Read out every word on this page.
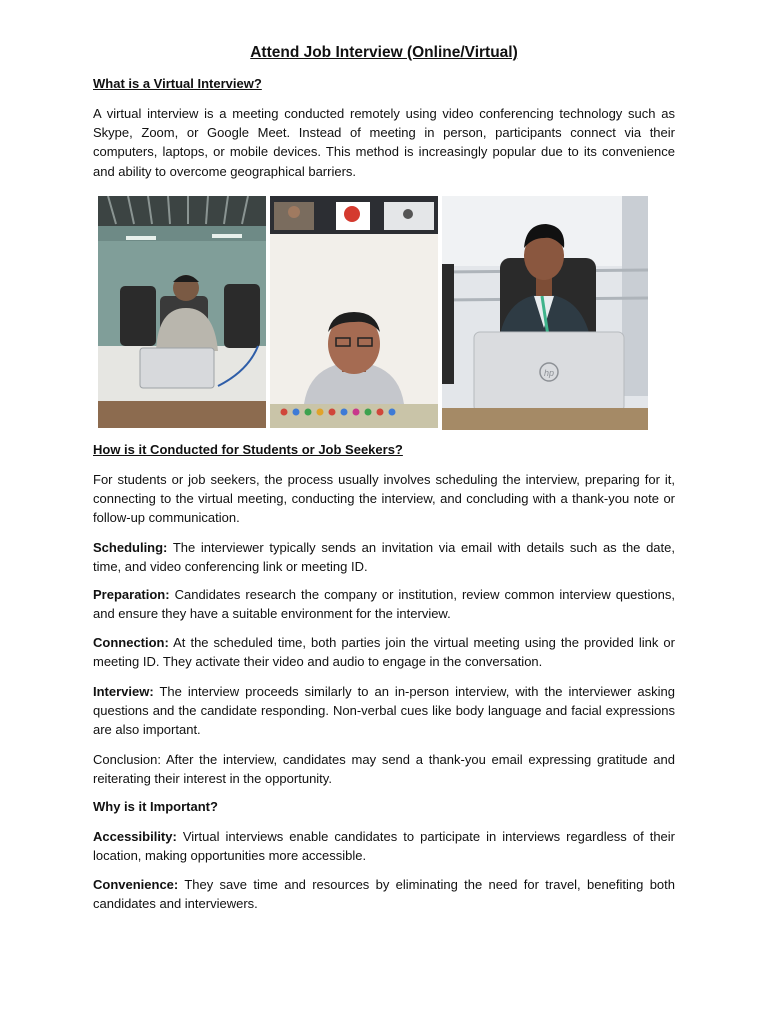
Attend Job Interview (Online/Virtual)
What is a Virtual Interview?

A virtual interview is a meeting conducted remotely using video conferencing technology such as Skype, Zoom, or Google Meet. Instead of meeting in person, participants connect via their computers, laptops, or mobile devices. This method is increasingly popular due to its convenience and ability to overcome geographical barriers.

How is it Conducted for Students or Job Seekers?

For students or job seekers, the process usually involves scheduling the interview, preparing for it, connecting to the virtual meeting, conducting the interview, and concluding with a thank-you note or follow-up communication.

Scheduling: The interviewer typically sends an invitation via email with details such as the date, time, and video conferencing link or meeting ID.

Preparation: Candidates research the company or institution, review common interview questions, and ensure they have a suitable environment for the interview.

Connection: At the scheduled time, both parties join the virtual meeting using the provided link or meeting ID. They activate their video and audio to engage in the conversation.

Interview: The interview proceeds similarly to an in-person interview, with the interviewer asking questions and the candidate responding. Non-verbal cues like body language and facial expressions are also important.

Conclusion: After the interview, candidates may send a thank-you email expressing gratitude and reiterating their interest in the opportunity.

Why is it Important?

Accessibility: Virtual interviews enable candidates to participate in interviews regardless of their location, making opportunities more accessible.

Convenience: They save time and resources by eliminating the need for travel, benefiting both candidates and interviewers.

hp
